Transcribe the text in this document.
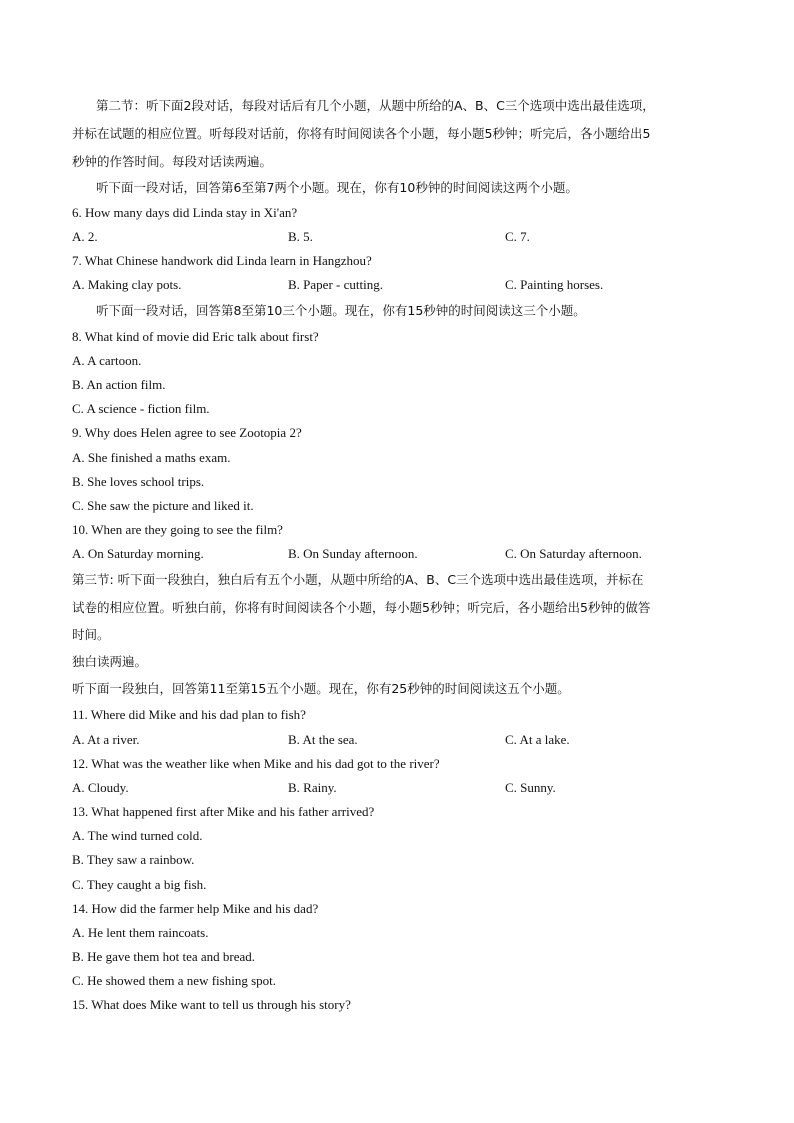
第二节：听下面2段对话，每段对话后有几个小题，从题中所给的A、B、C三个选项中选出最佳选项，
并标在试题的相应位置。听每段对话前，你将有时间阅读各个小题，每小题5秒钟；听完后，各小题给出5
秒钟的作答时间。每段对话读两遍。
听下面一段对话，回答第6至第7两个小题。现在，你有10秒钟的时间阅读这两个小题。
6. How many days did Linda stay in Xi'an?
A. 2.	B. 5.	C. 7.
7. What Chinese handwork did Linda learn in Hangzhou?
A. Making clay pots.	B. Paper - cutting.	C. Painting horses.
听下面一段对话，回答第8至第10三个小题。现在，你有15秒钟的时间阅读这三个小题。
8. What kind of movie did Eric talk about first?
A. A cartoon.
B. An action film.
C. A science - fiction film.
9. Why does Helen agree to see Zootopia 2?
A. She finished a maths exam.
B. She loves school trips.
C. She saw the picture and liked it.
10. When are they going to see the film?
A. On Saturday morning.	B. On Sunday afternoon.	C. On Saturday afternoon.
第三节: 听下面一段独白，独白后有五个小题，从题中所给的A、B、C三个选项中选出最佳选项，并标在
试卷的相应位置。听独白前，你将有时间阅读各个小题，每小题5秒钟；听完后，各小题给出5秒钟的做答
时间。
独白读两遍。
听下面一段独白，回答第11至第15五个小题。现在，你有25秒钟的时间阅读这五个小题。
11. Where did Mike and his dad plan to fish?
A. At a river.	B. At the sea.	C. At a lake.
12. What was the weather like when Mike and his dad got to the river?
A. Cloudy.	B. Rainy.	C. Sunny.
13. What happened first after Mike and his father arrived?
A. The wind turned cold.
B. They saw a rainbow.
C. They caught a big fish.
14. How did the farmer help Mike and his dad?
A. He lent them raincoats.
B. He gave them hot tea and bread.
C. He showed them a new fishing spot.
15. What does Mike want to tell us through his story?
